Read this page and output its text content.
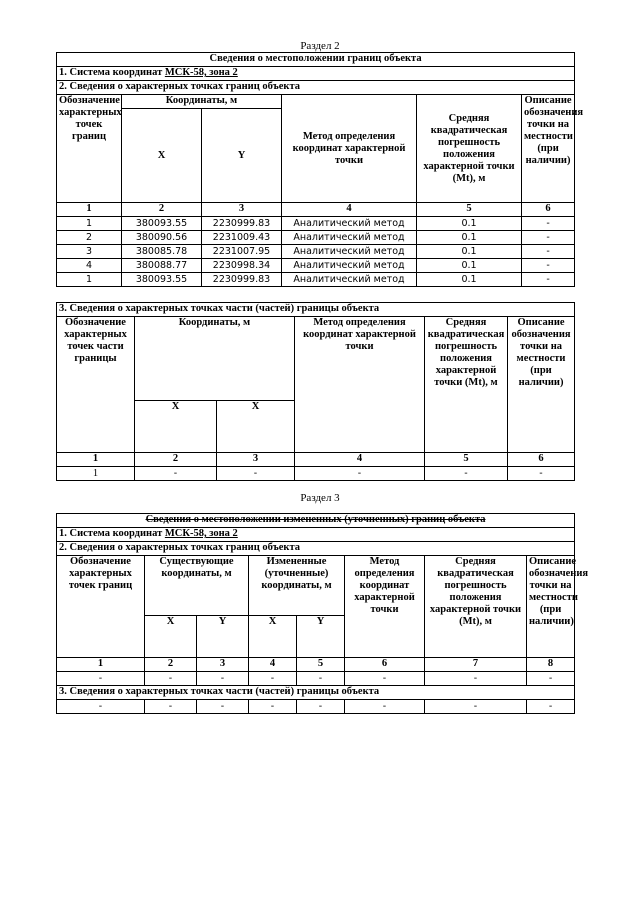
Раздел 2
Сведения о местоположении границ объекта					
1. Система координат МСК-58, зона 2					
2. Сведения о характерных точках границ объекта					
Обозначение характерных точек границ	Координаты, м		Метод определения координат характерной точки	Средняя квадратическая погрешность положения характерной точки (Mt), м	Описание обозначения точки на местности (при наличии)
	X	Y			
1	2	3	4	5	6
1	380093.55	2230999.83	Аналитический метод	0.1	-
2	380090.56	2231009.43	Аналитический метод	0.1	-
3	380085.78	2231007.95	Аналитический метод	0.1	-
4	380088.77	2230998.34	Аналитический метод	0.1	-
1	380093.55	2230999.83	Аналитический метод	0.1	-
3. Сведения о характерных точках части (частей) границы объекта					
Обозначение характерных точек части границы	Координаты, м		Метод определения координат характерной точки	Средняя квадратическая погрешность положения характерной точки (Mt), м	Описание обозначения точки на местности (при наличии)
	X	X			
1	2	3	4	5	6
1	-	-	-	-	-
Раздел 3
Сведения о местоположении измененных (уточненных) границ объекта							
1. Система координат МСК-58, зона 2							
2. Сведения о характерных точках границ объекта							
Обозначение характерных точек границ	Существующие координаты, м		Измененные (уточненные) координаты, м		Метод определения координат характерной точки	Средняя квадратическая погрешность положения характерной точки (Mt), м	Описание обозначения точки на местности (при наличии)
	X	Y	X	Y			
1	2	3	4	5	6	7	8
-	-	-	-	-	-	-	-
3. Сведения о характерных точках части (частей) границы объекта							
-	-	-	-	-	-	-	-
